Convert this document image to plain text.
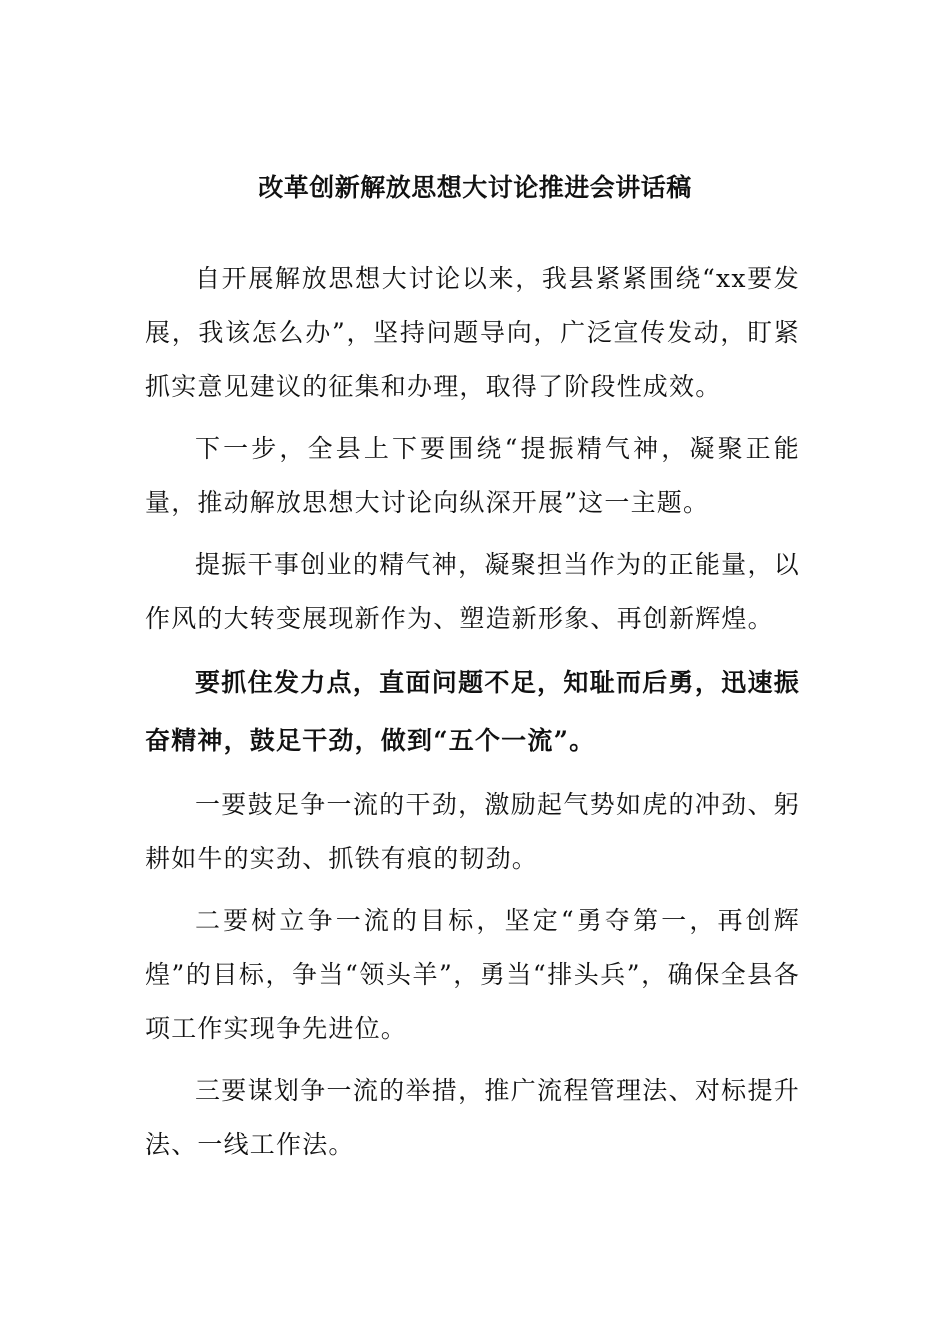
改革创新解放思想大讨论推进会讲话稿

自开展解放思想大讨论以来，我县紧紧围绕“xx要发展，我该怎么办”，坚持问题导向，广泛宣传发动，盯紧抓实意见建议的征集和办理，取得了阶段性成效。

下一步，全县上下要围绕“提振精气神，凝聚正能量，推动解放思想大讨论向纵深开展”这一主题。

提振干事创业的精气神，凝聚担当作为的正能量，以作风的大转变展现新作为、塑造新形象、再创新辉煌。

要抓住发力点，直面问题不足，知耻而后勇，迅速振奋精神，鼓足干劲，做到“五个一流”。

一要鼓足争一流的干劲，激励起气势如虎的冲劲、躬耕如牛的实劲、抓铁有痕的韧劲。

二要树立争一流的目标，坚定“勇夺第一，再创辉煌”的目标，争当“领头羊”，勇当“排头兵”，确保全县各项工作实现争先进位。

三要谋划争一流的举措，推广流程管理法、对标提升法、一线工作法。
